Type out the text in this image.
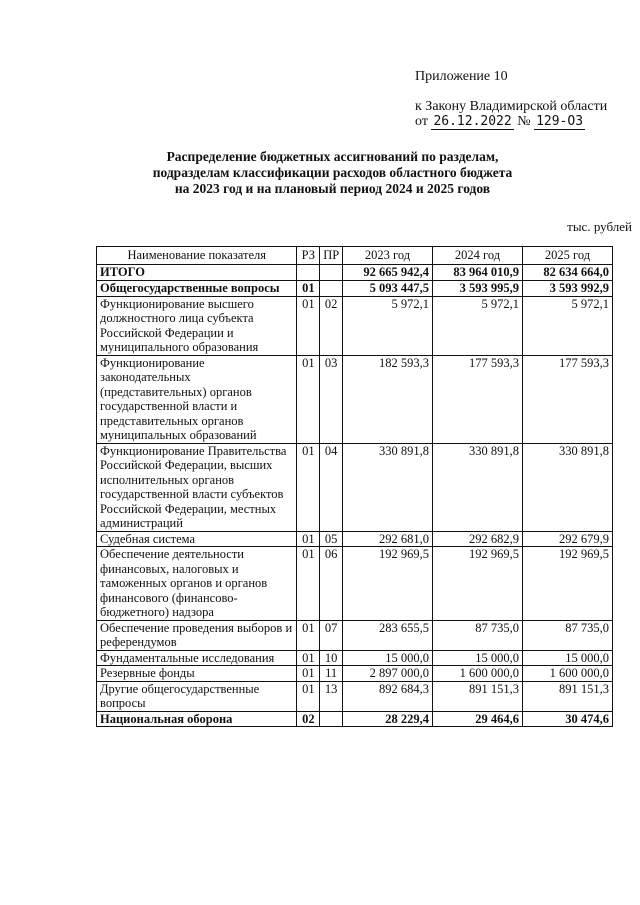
Приложение 10
к Закону Владимирской области
от 26.12.2022 № 129-ОЗ
Распределение бюджетных ассигнований по разделам,
подразделам классификации расходов областного бюджета
на 2023 год и на плановый период 2024 и 2025 годов
тыс. рублей
Наименование показателя	РЗ	ПР	2023 год	2024 год	2025 год
ИТОГО			92 665 942,4	83 964 010,9	82 634 664,0
Общегосударственные вопросы	01		5 093 447,5	3 593 995,9	3 593 992,9
Функционирование высшего должностного лица субъекта Российской Федерации и муниципального образования	01	02	5 972,1	5 972,1	5 972,1
Функционирование законодательных (представительных) органов государственной власти и представительных органов муниципальных образований	01	03	182 593,3	177 593,3	177 593,3
Функционирование Правительства Российской Федерации, высших исполнительных органов государственной власти субъектов Российской Федерации, местных администраций	01	04	330 891,8	330 891,8	330 891,8
Судебная система	01	05	292 681,0	292 682,9	292 679,9
Обеспечение деятельности финансовых, налоговых и таможенных органов и органов финансового (финансово-бюджетного) надзора	01	06	192 969,5	192 969,5	192 969,5
Обеспечение проведения выборов и референдумов	01	07	283 655,5	87 735,0	87 735,0
Фундаментальные исследования	01	10	15 000,0	15 000,0	15 000,0
Резервные фонды	01	11	2 897 000,0	1 600 000,0	1 600 000,0
Другие общегосударственные вопросы	01	13	892 684,3	891 151,3	891 151,3
Национальная оборона	02		28 229,4	29 464,6	30 474,6
